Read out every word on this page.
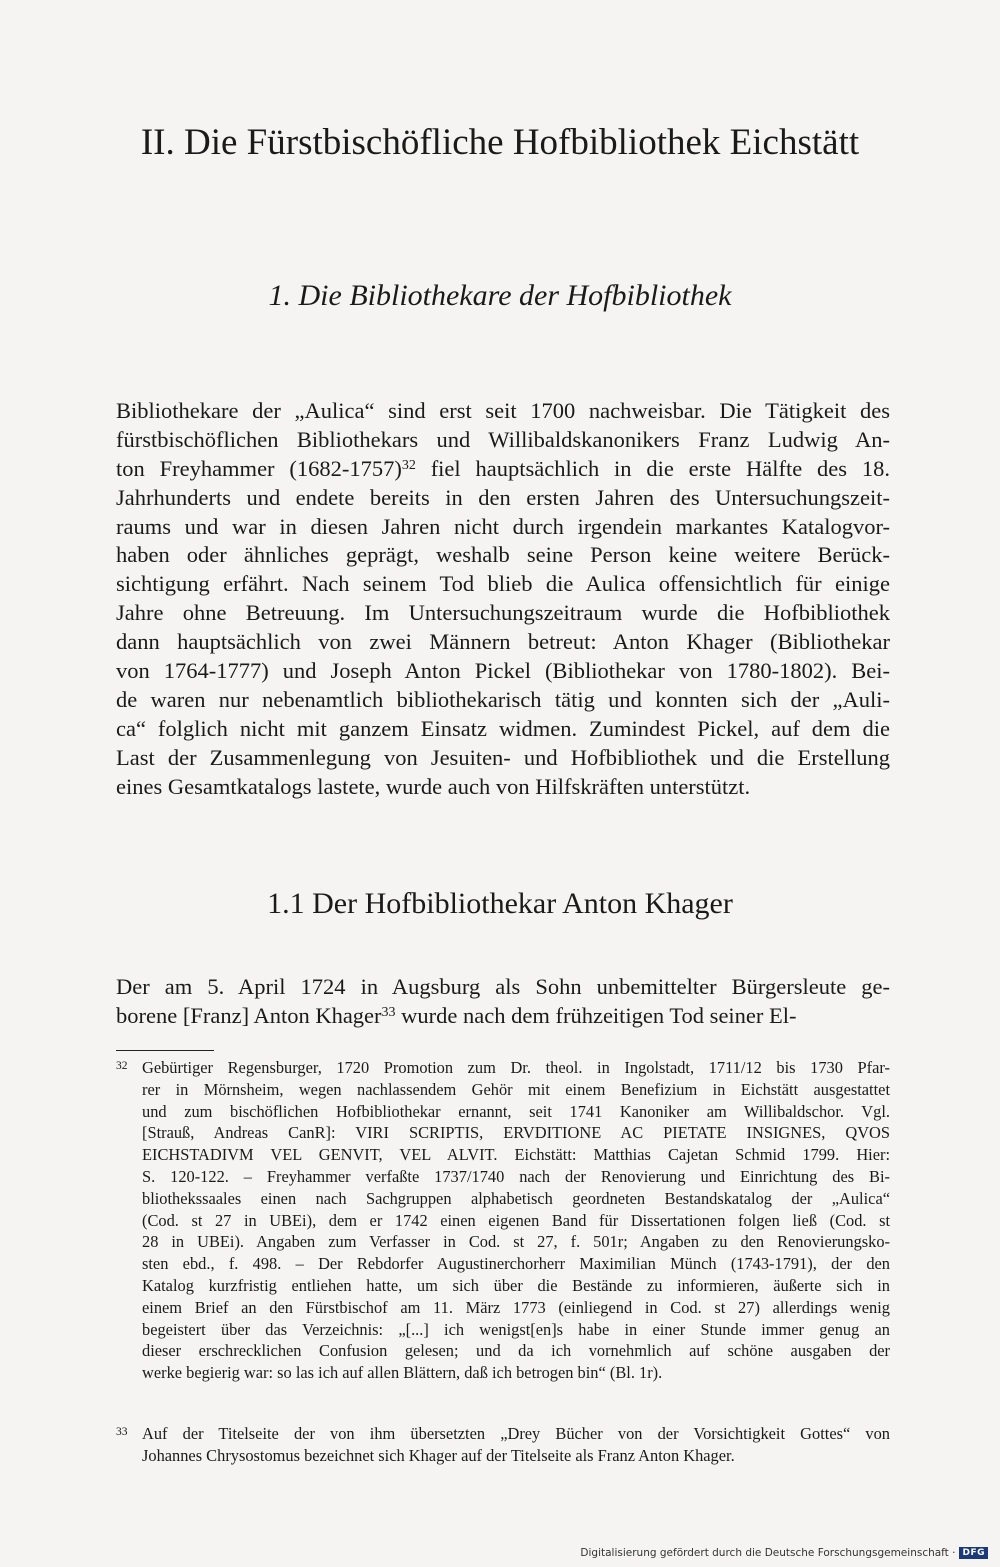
II. Die Fürstbischöfliche Hofbibliothek Eichstätt
1. Die Bibliothekare der Hofbibliothek
Bibliothekare der „Aulica“ sind erst seit 1700 nachweisbar. Die Tätigkeit des
fürstbischöflichen Bibliothekars und Willibaldskanonikers Franz Ludwig An-
ton Freyhammer (1682-1757)$^{32}$ fiel hauptsächlich in die erste Hälfte des 18.
Jahrhunderts und endete bereits in den ersten Jahren des Untersuchungszeit-
raums und war in diesen Jahren nicht durch irgendein markantes Katalogvor-
haben oder ähnliches geprägt, weshalb seine Person keine weitere Berück-
sichtigung erfährt. Nach seinem Tod blieb die Aulica offensichtlich für einige
Jahre ohne Betreuung. Im Untersuchungszeitraum wurde die Hofbibliothek
dann hauptsächlich von zwei Männern betreut: Anton Khager (Bibliothekar
von 1764-1777) und Joseph Anton Pickel (Bibliothekar von 1780-1802). Bei-
de waren nur nebenamtlich bibliothekarisch tätig und konnten sich der „Auli-
ca“ folglich nicht mit ganzem Einsatz widmen. Zumindest Pickel, auf dem die
Last der Zusammenlegung von Jesuiten- und Hofbibliothek und die Erstellung
eines Gesamtkatalogs lastete, wurde auch von Hilfskräften unterstützt.
1.1 Der Hofbibliothekar Anton Khager
Der am 5. April 1724 in Augsburg als Sohn unbemittelter Bürgersleute ge-
borene [Franz] Anton Khager$^{33}$ wurde nach dem frühzeitigen Tod seiner El-
32 Gebürtiger Regensburger, 1720 Promotion zum Dr. theol. in Ingolstadt, 1711/12 bis 1730 Pfar-
rer in Mörnsheim, wegen nachlassendem Gehör mit einem Benefizium in Eichstätt ausgestattet
und zum bischöflichen Hofbibliothekar ernannt, seit 1741 Kanoniker am Willibaldschor. Vgl.
[Strauß, Andreas CanR]: VIRI SCRIPTIS, ERVDITIONE AC PIETATE INSIGNES, QVOS
EICHSTADIVM VEL GENVIT, VEL ALVIT. Eichstätt: Matthias Cajetan Schmid 1799. Hier:
S. 120-122. – Freyhammer verfaßte 1737/1740 nach der Renovierung und Einrichtung des Bi-
bliothekssaales einen nach Sachgruppen alphabetisch geordneten Bestandskatalog der „Aulica“
(Cod. st 27 in UBEi), dem er 1742 einen eigenen Band für Dissertationen folgen ließ (Cod. st
28 in UBEi). Angaben zum Verfasser in Cod. st 27, f. 501r; Angaben zu den Renovierungsko-
sten ebd., f. 498. – Der Rebdorfer Augustinerchorherr Maximilian Münch (1743-1791), der den
Katalog kurzfristig entliehen hatte, um sich über die Bestände zu informieren, äußerte sich in
einem Brief an den Fürstbischof am 11. März 1773 (einliegend in Cod. st 27) allerdings wenig
begeistert über das Verzeichnis: „[...] ich wenigst[en]s habe in einer Stunde immer genug an
dieser erschrecklichen Confusion gelesen; und da ich vornehmlich auf schöne ausgaben der
werke begierig war: so las ich auf allen Blättern, daß ich betrogen bin“ (Bl. 1r).
33 Auf der Titelseite der von ihm übersetzten „Drey Bücher von der Vorsichtigkeit Gottes“ von
Johannes Chrysostomus bezeichnet sich Khager auf der Titelseite als Franz Anton Khager.
Digitalisierung gefördert durch die Deutsche Forschungsgemeinschaft · DFG
